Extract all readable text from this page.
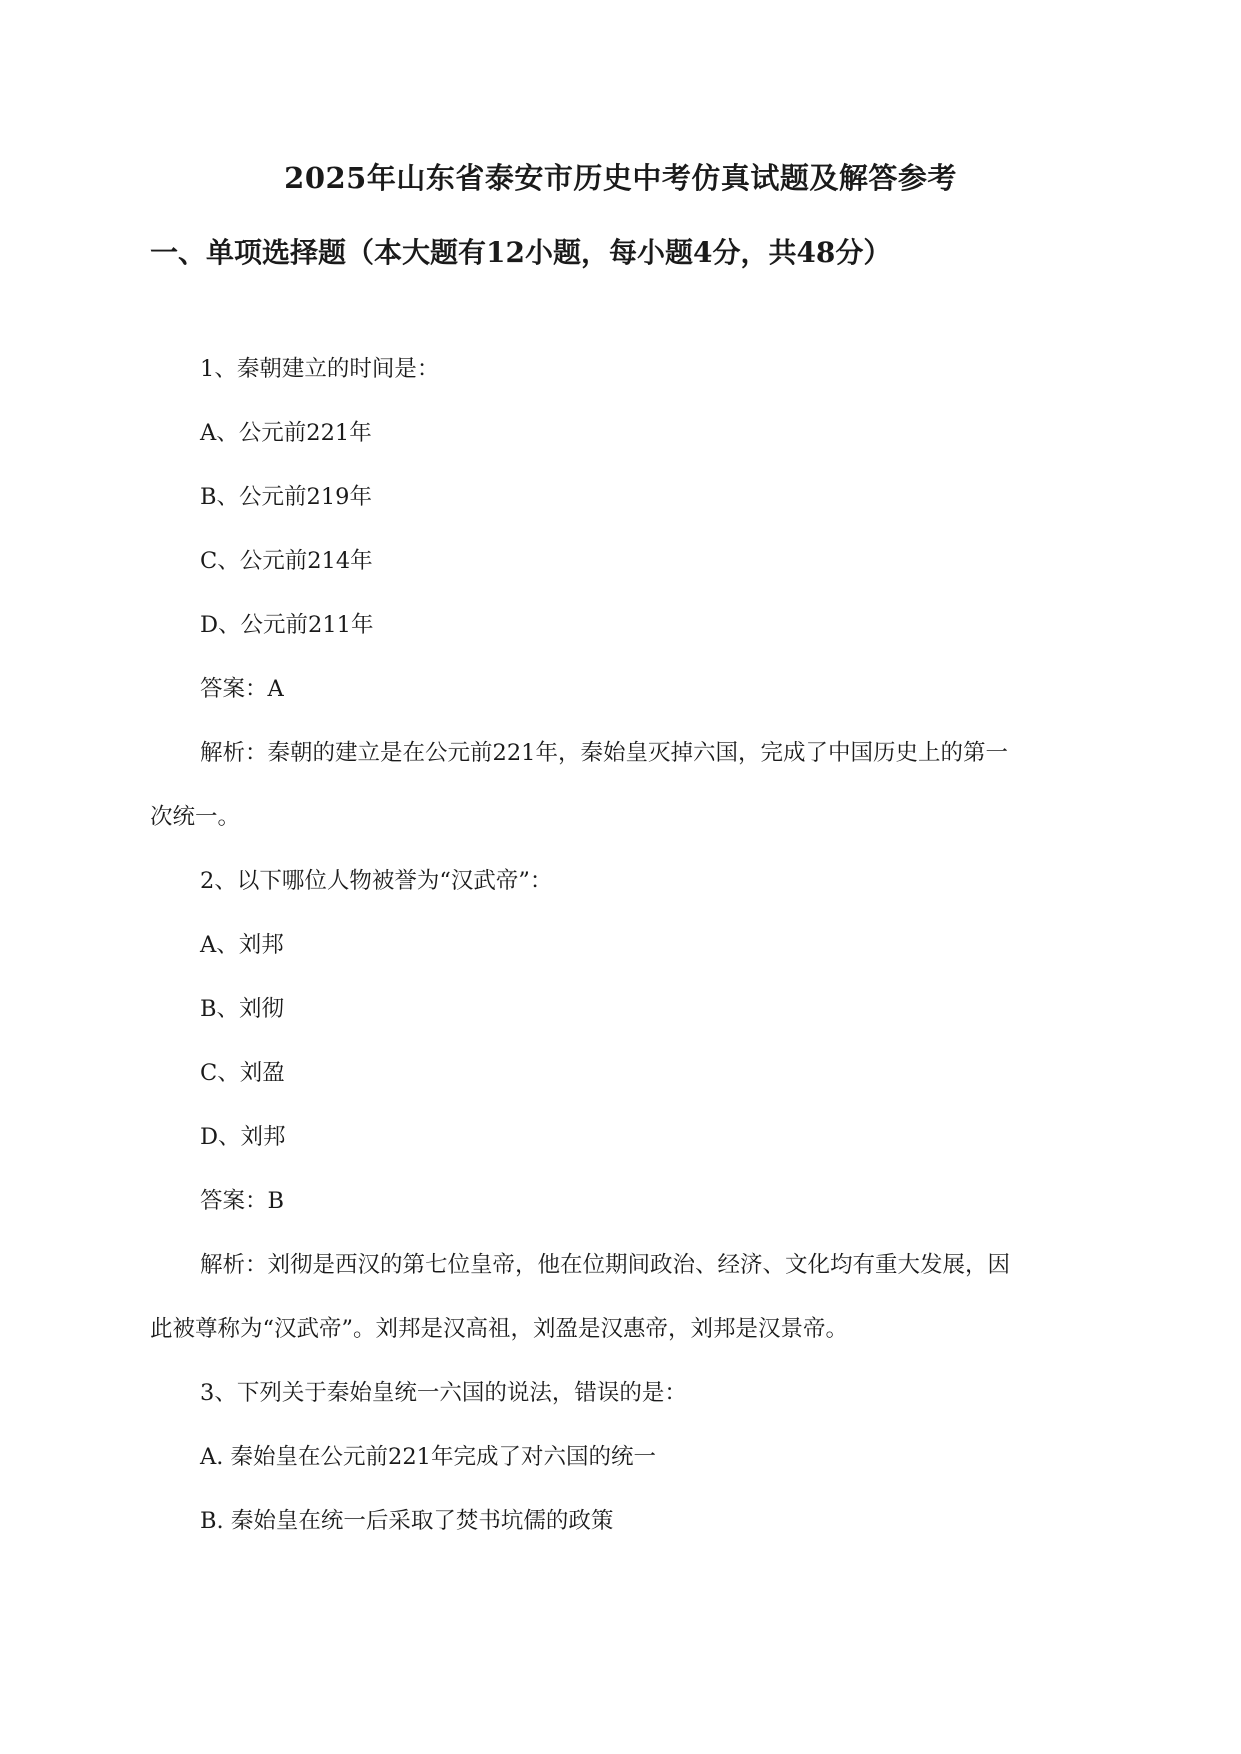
2025年山东省泰安市历史中考仿真试题及解答参考
一、单项选择题（本大题有12小题，每小题4分，共48分）
1、秦朝建立的时间是：
A、公元前221年
B、公元前219年
C、公元前214年
D、公元前211年
答案：A
解析：秦朝的建立是在公元前221年，秦始皇灭掉六国，完成了中国历史上的第一
次统一。
2、以下哪位人物被誉为“汉武帝”：
A、刘邦
B、刘彻
C、刘盈
D、刘邦
答案：B
解析：刘彻是西汉的第七位皇帝，他在位期间政治、经济、文化均有重大发展，因
此被尊称为“汉武帝”。刘邦是汉高祖，刘盈是汉惠帝，刘邦是汉景帝。
3、下列关于秦始皇统一六国的说法，错误的是：
A. 秦始皇在公元前221年完成了对六国的统一
B. 秦始皇在统一后采取了焚书坑儒的政策
